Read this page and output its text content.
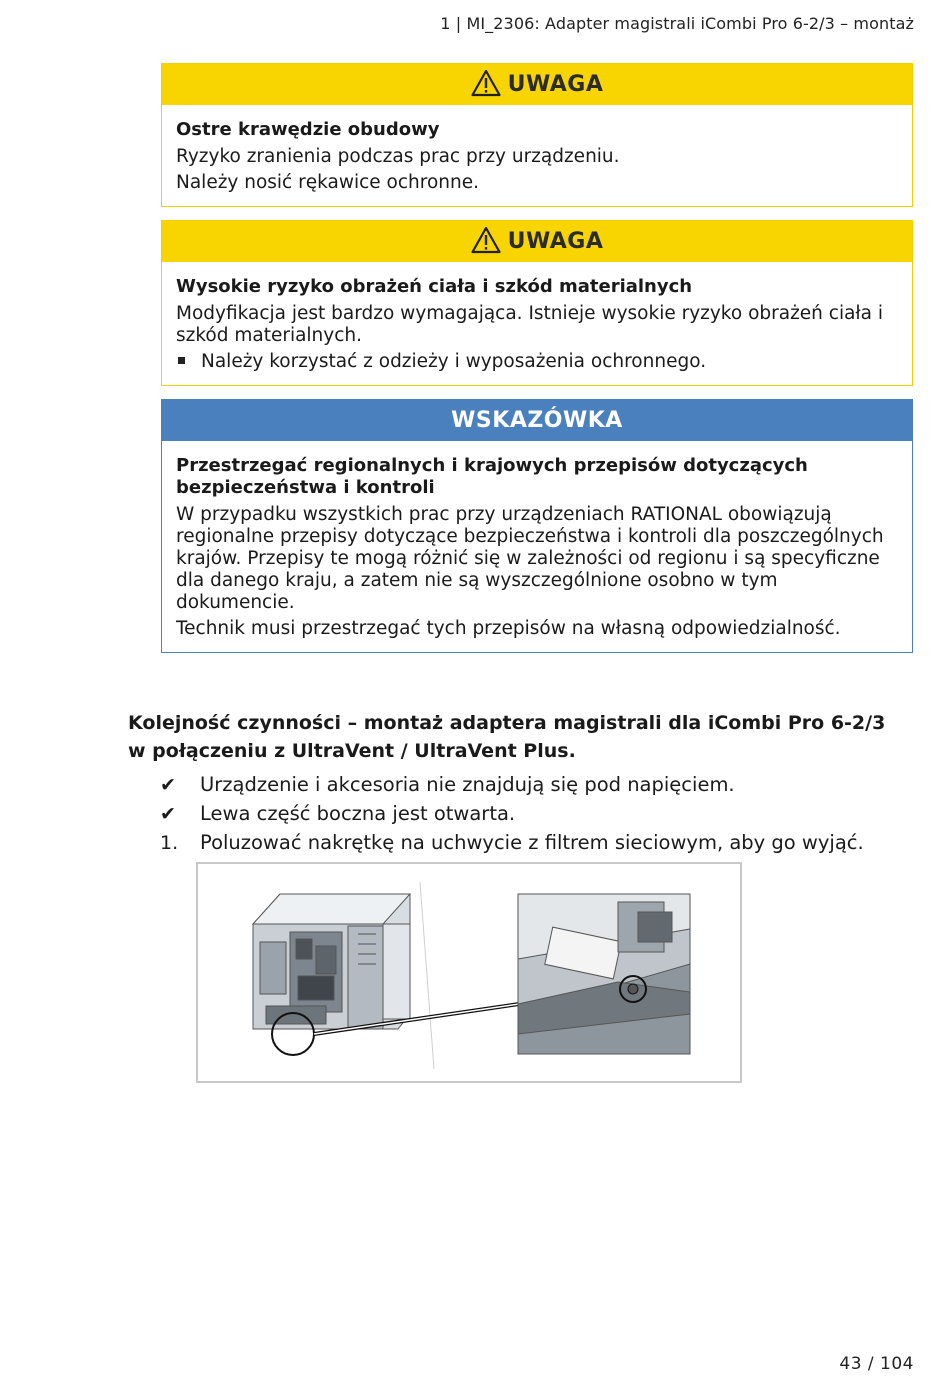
1 | MI_2306: Adapter magistrali iCombi Pro 6-2/3 – montaż
UWAGA
Ostre krawędzie obudowy
Ryzyko zranienia podczas prac przy urządzeniu.
Należy nosić rękawice ochronne.
UWAGA
Wysokie ryzyko obrażeń ciała i szkód materialnych
Modyfikacja jest bardzo wymagająca. Istnieje wysokie ryzyko obrażeń ciała i szkód materialnych.
Należy korzystać z odzieży i wyposażenia ochronnego.
WSKAZÓWKA
Przestrzegać regionalnych i krajowych przepisów dotyczących bezpieczeństwa i kontroli
W przypadku wszystkich prac przy urządzeniach RATIONAL obowiązują regionalne przepisy dotyczące bezpieczeństwa i kontroli dla poszczególnych krajów. Przepisy te mogą różnić się w zależności od regionu i są specyficzne dla danego kraju, a zatem nie są wyszczególnione osobno w tym dokumencie.
Technik musi przestrzegać tych przepisów na własną odpowiedzialność.
Kolejność czynności – montaż adaptera magistrali dla iCombi Pro 6-2/3 w połączeniu z UltraVent / UltraVent Plus.
✔	Urządzenie i akcesoria nie znajdują się pod napięciem.
✔	Lewa część boczna jest otwarta.
1.	Poluzować nakrętkę na uchwycie z filtrem sieciowym, aby go wyjąć.
43 / 104
